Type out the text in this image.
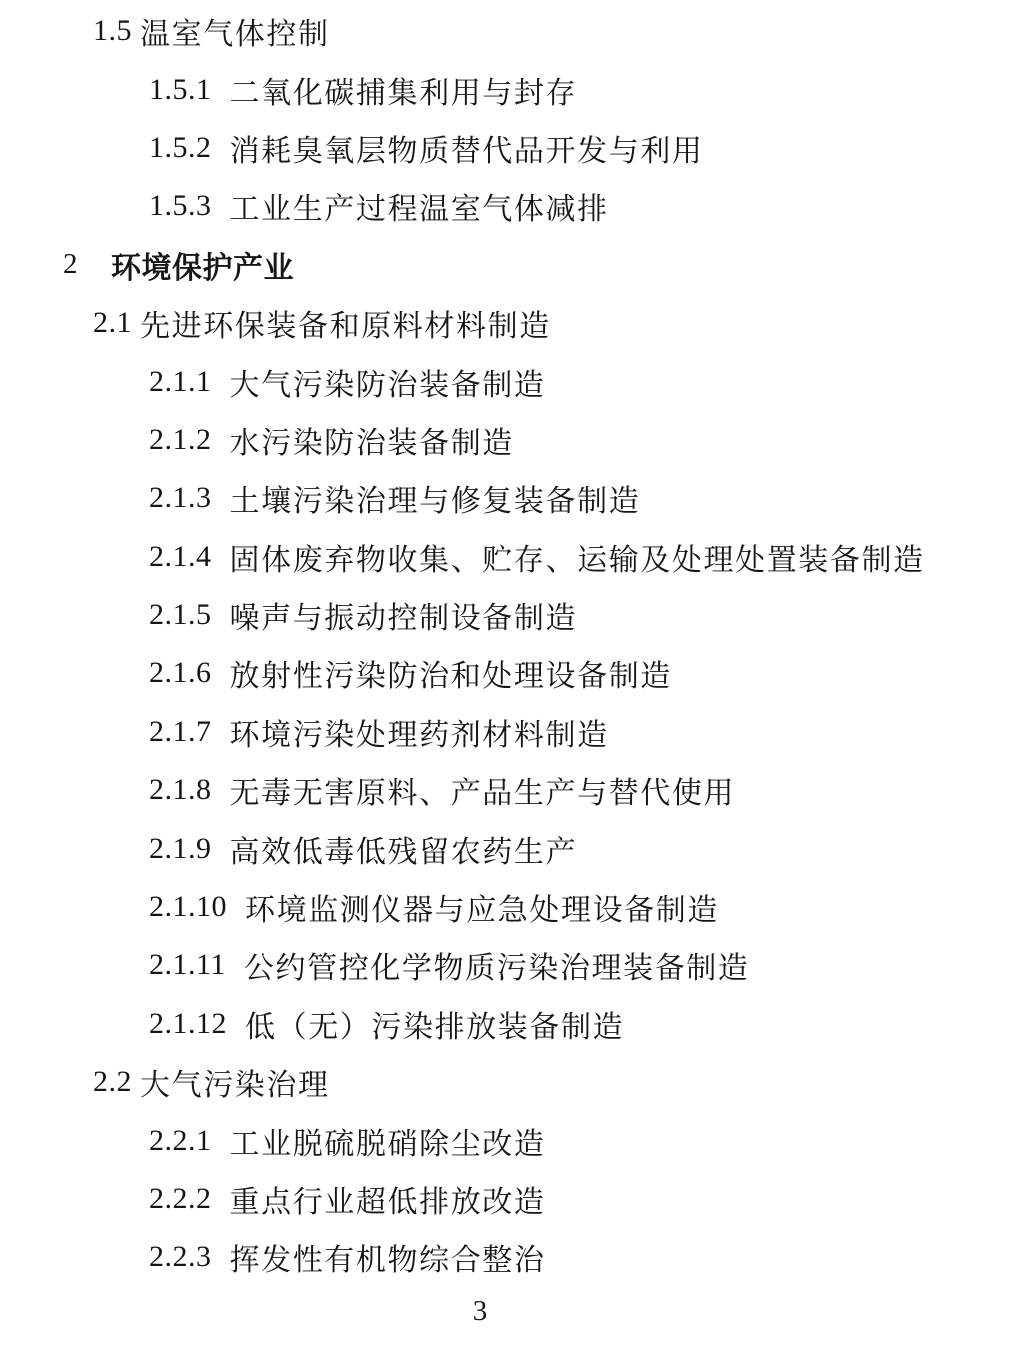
1.5 温室气体控制
1.5.1 二氧化碳捕集利用与封存
1.5.2 消耗臭氧层物质替代品开发与利用
1.5.3 工业生产过程温室气体减排
2 环境保护产业
2.1 先进环保装备和原料材料制造
2.1.1 大气污染防治装备制造
2.1.2 水污染防治装备制造
2.1.3 土壤污染治理与修复装备制造
2.1.4 固体废弃物收集、贮存、运输及处理处置装备制造
2.1.5 噪声与振动控制设备制造
2.1.6 放射性污染防治和处理设备制造
2.1.7 环境污染处理药剂材料制造
2.1.8 无毒无害原料、产品生产与替代使用
2.1.9 高效低毒低残留农药生产
2.1.10 环境监测仪器与应急处理设备制造
2.1.11 公约管控化学物质污染治理装备制造
2.1.12 低（无）污染排放装备制造
2.2 大气污染治理
2.2.1 工业脱硫脱硝除尘改造
2.2.2 重点行业超低排放改造
2.2.3 挥发性有机物综合整治
3
